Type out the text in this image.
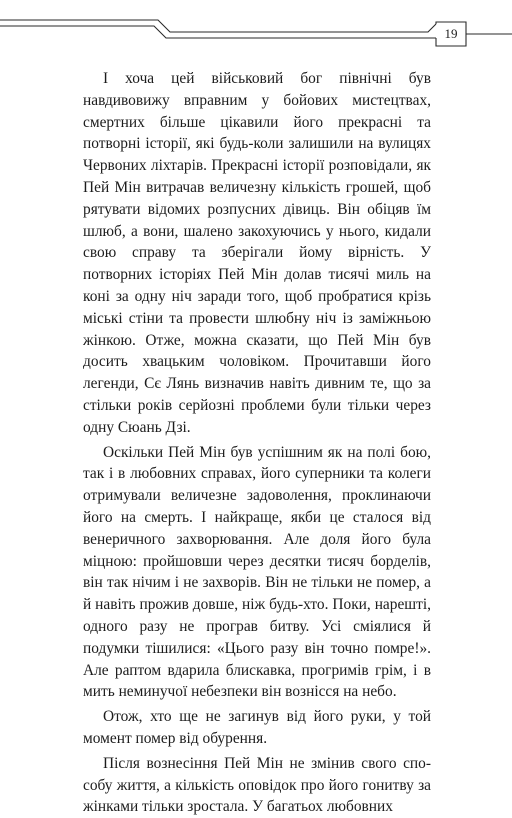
19

І хоча цей військовий бог північні був навдивовижу вправним у бойових мистецтвах, смертних більше цікавили його прекрасні та потворні історії, які будь-коли залишили на вулицях Червоних ліхтарів. Прекрасні історії розповідали, як Пей Мін витрачав величезну кількість грошей, щоб рятувати відомих розпусних дівиць. Він обіцяв їм шлюб, а вони, шалено закохуючись у нього, кидали свою справу та зберігали йому вірність. У потворних історіях Пей Мін долав тисячі миль на коні за одну ніч заради того, щоб пробратися крізь міські стіни та провести шлюбну ніч із заміжньою жінкою. Отже, можна сказати, що Пей Мін був досить хвацьким чоловіком. Прочитавши його легенди, Сє Лянь визначив навіть дивним те, що за стільки років серйозні проблеми були тільки через одну Сюань Дзі.

Оскільки Пей Мін був успішним як на полі бою, так і в любовних справах, його суперники та колеги отримували величезне задоволення, проклинаючи його на смерть. І найкраще, якби це сталося від венеричного захворювання. Але доля його була міцною: пройшовши через десятки тисяч борделів, він так нічим і не захворів. Він не тільки не помер, а й навіть прожив довше, ніж будь-хто. Поки, нарешті, одного разу не програв битву. Усі сміялися й подумки тішилися: «Цього разу він точно помре!». Але раптом вдарила блискавка, прогримів грім, і в мить неминучої небезпеки він вознісся на небо.

Отож, хто ще не загинув від його руки, у той момент помер від обурення.

Після вознесіння Пей Мін не змінив свого способу життя, а кількість оповідок про його гонитву за жінками тільки зростала. У багатьох любовних
